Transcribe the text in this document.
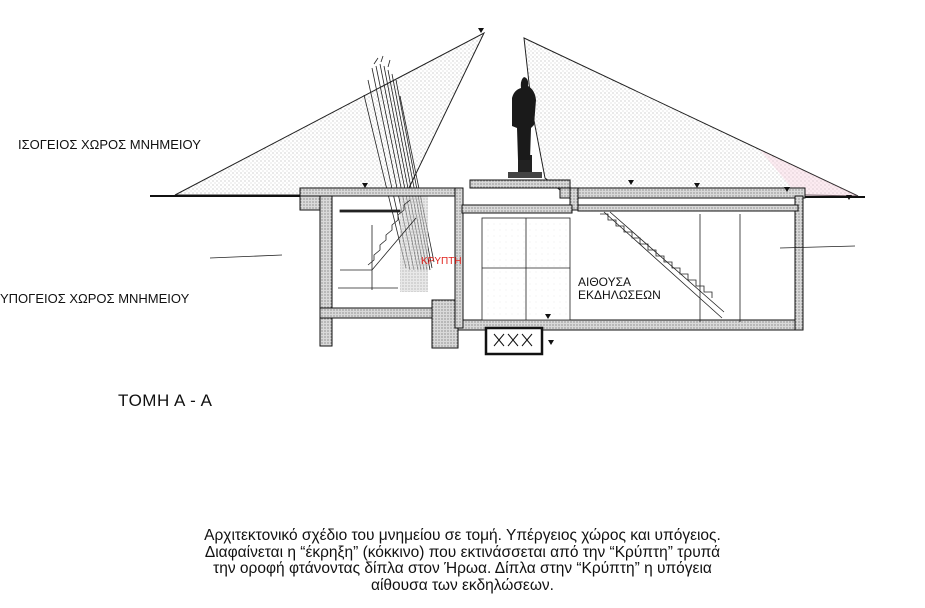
ΙΣΟΓΕΙΟΣ ΧΩΡΟΣ ΜΝΗΜΕΙΟΥ
ΥΠΟΓΕΙΟΣ ΧΩΡΟΣ ΜΝΗΜΕΙΟΥ
ΑΙΘΟΥΣΑ
ΕΚΔΗΛΩΣΕΩΝ
ΚΡΥΠΤΗ
ΤΟΜΗ Α - Α
Αρχιτεκτονικό σχέδιο του μνημείου σε τομή. Υπέργειος χώρος και υπόγειος.
Διαφαίνεται η “έκρηξη” (κόκκινο) που εκτινάσσεται από την “Κρύπτη” τρυπά
την οροφή φτάνοντας δίπλα στον Ήρωα. Δίπλα στην “Κρύπτη” η υπόγεια
αίθουσα των εκδηλώσεων.
